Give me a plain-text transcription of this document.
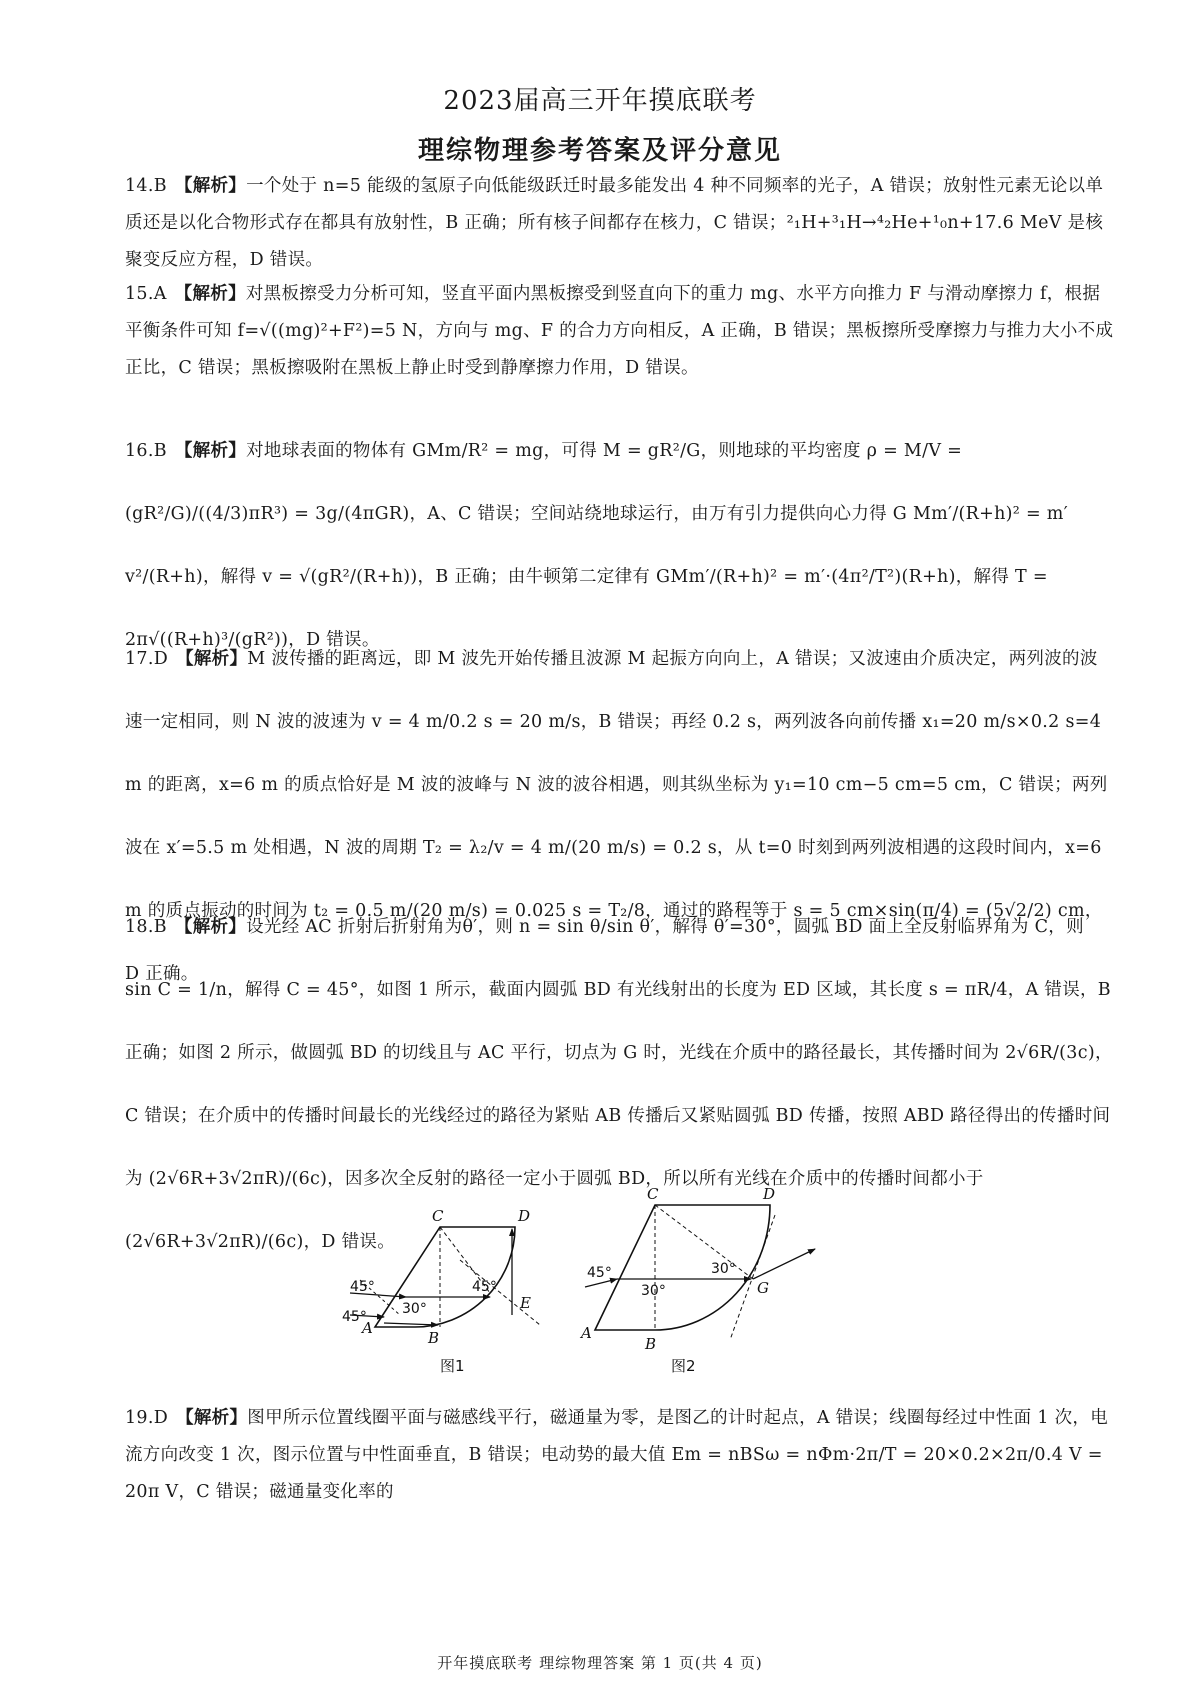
2023届高三开年摸底联考
理综物理参考答案及评分意见
14.B 【解析】一个处于 n=5 能级的氢原子向低能级跃迁时最多能发出 4 种不同频率的光子，A 错误；放射性元素无论以单质还是以化合物形式存在都具有放射性，B 正确；所有核子间都存在核力，C 错误；²₁H+³₁H→⁴₂He+¹₀n+17.6 MeV 是核聚变反应方程，D 错误。
15.A 【解析】对黑板擦受力分析可知，竖直平面内黑板擦受到竖直向下的重力 mg、水平方向推力 F 与滑动摩擦力 f，根据平衡条件可知 f=√((mg)²+F²)=5 N，方向与 mg、F 的合力方向相反，A 正确，B 错误；黑板擦所受摩擦力与推力大小不成正比，C 错误；黑板擦吸附在黑板上静止时受到静摩擦力作用，D 错误。
16.B 【解析】对地球表面的物体有 GMm/R² = mg，可得 M = gR²/G，则地球的平均密度 ρ = M/V = (gR²/G)/((4/3)πR³) = 3g/(4πGR)，A、C 错误；空间站绕地球运行，由万有引力提供向心力得 G Mm′/(R+h)² = m′ v²/(R+h)，解得 v = √(gR²/(R+h))，B 正确；由牛顿第二定律有 GMm′/(R+h)² = m′·(4π²/T²)(R+h)，解得 T = 2π√((R+h)³/(gR²))，D 错误。
17.D 【解析】M 波传播的距离远，即 M 波先开始传播且波源 M 起振方向向上，A 错误；又波速由介质决定，两列波的波速一定相同，则 N 波的波速为 v = 4 m/0.2 s = 20 m/s，B 错误；再经 0.2 s，两列波各向前传播 x₁=20 m/s×0.2 s=4 m 的距离，x=6 m 的质点恰好是 M 波的波峰与 N 波的波谷相遇，则其纵坐标为 y₁=10 cm−5 cm=5 cm，C 错误；两列波在 x′=5.5 m 处相遇，N 波的周期 T₂ = λ₂/v = 4 m/(20 m/s) = 0.2 s，从 t=0 时刻到两列波相遇的这段时间内，x=6 m 的质点振动的时间为 t₂ = 0.5 m/(20 m/s) = 0.025 s = T₂/8，通过的路程等于 s = 5 cm×sin(π/4) = (5√2/2) cm，D 正确。
18.B 【解析】设光经 AC 折射后折射角为θ′，则 n = sin θ/sin θ′，解得 θ′=30°，圆弧 BD 面上全反射临界角为 C，则 sin C = 1/n，解得 C = 45°，如图 1 所示，截面内圆弧 BD 有光线射出的长度为 ED 区域，其长度 s = πR/4，A 错误，B 正确；如图 2 所示，做圆弧 BD 的切线且与 AC 平行，切点为 G 时，光线在介质中的路径最长，其传播时间为 2√6R/(3c)，C 错误；在介质中的传播时间最长的光线经过的路径为紧贴 AB 传播后又紧贴圆弧 BD 传播，按照 ABD 路径得出的传播时间为 (2√6R+3√2πR)/(6c)，因多次全反射的路径一定小于圆弧 BD，所以所有光线在介质中的传播时间都小于 (2√6R+3√2πR)/(6c)，D 错误。
C	D
A
B
E
45°
45°	30°
45°
图1
C	D
A
B
G
45°
30°
30°
图2
19.D 【解析】图甲所示位置线圈平面与磁感线平行，磁通量为零，是图乙的计时起点，A 错误；线圈每经过中性面 1 次，电流方向改变 1 次，图示位置与中性面垂直，B 错误；电动势的最大值 Em = nBSω = nΦm·2π/T = 20×0.2×2π/0.4 V = 20π V，C 错误；磁通量变化率的
开年摸底联考 理综物理答案 第 1 页(共 4 页)
